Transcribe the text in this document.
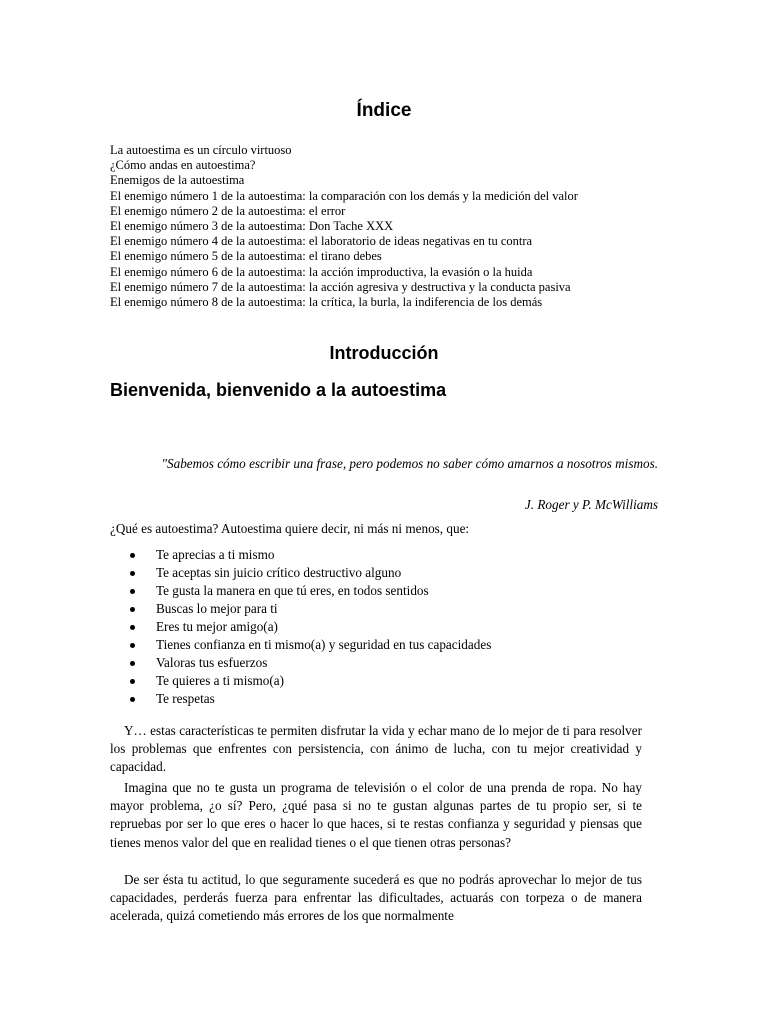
Índice
La autoestima es un círculo virtuoso
¿Cómo andas en autoestima?
Enemigos de la autoestima
El enemigo número 1 de la autoestima: la comparación con los demás y la medición del valor
El enemigo número 2 de la autoestima: el error
El enemigo número 3 de la autoestima: Don Tache XXX
El enemigo número 4 de la autoestima: el laboratorio de ideas negativas en tu contra
El enemigo número 5 de la autoestima: el tirano debes
El enemigo número 6 de la autoestima: la acción improductiva, la evasión o la huida
El enemigo número 7 de la autoestima: la acción agresiva y destructiva y la conducta pasiva
El enemigo número 8 de la autoestima: la crítica, la burla, la indiferencia de los demás
Introducción
Bienvenida, bienvenido a la autoestima

"Sabemos cómo escribir una frase, pero podemos no saber cómo amarnos a nosotros mismos.

J. Roger y P. McWilliams

¿Qué es autoestima? Autoestima quiere decir, ni más ni menos, que:

Te aprecias a ti mismo
Te aceptas sin juicio crítico destructivo alguno
Te gusta la manera en que tú eres, en todos sentidos
Buscas lo mejor para ti
Eres tu mejor amigo(a)
Tienes confianza en ti mismo(a) y seguridad en tus capacidades
Valoras tus esfuerzos
Te quieres a ti mismo(a)
Te respetas

Y… estas características te permiten disfrutar la vida y echar mano de lo mejor de ti para resolver los problemas que enfrentes con persistencia, con ánimo de lucha, con tu mejor creatividad y capacidad.

Imagina que no te gusta un programa de televisión o el color de una prenda de ropa. No hay mayor problema, ¿o sí? Pero, ¿qué pasa si no te gustan algunas partes de tu propio ser, si te repruebas por ser lo que eres o hacer lo que haces, si te restas confianza y seguridad y piensas que tienes menos valor del que en realidad tienes o el que tienen otras personas?

De ser ésta tu actitud, lo que seguramente sucederá es que no podrás aprovechar lo mejor de tus capacidades, perderás fuerza para enfrentar las dificultades, actuarás con torpeza o de manera acelerada, quizá cometiendo más errores de los que normalmente
